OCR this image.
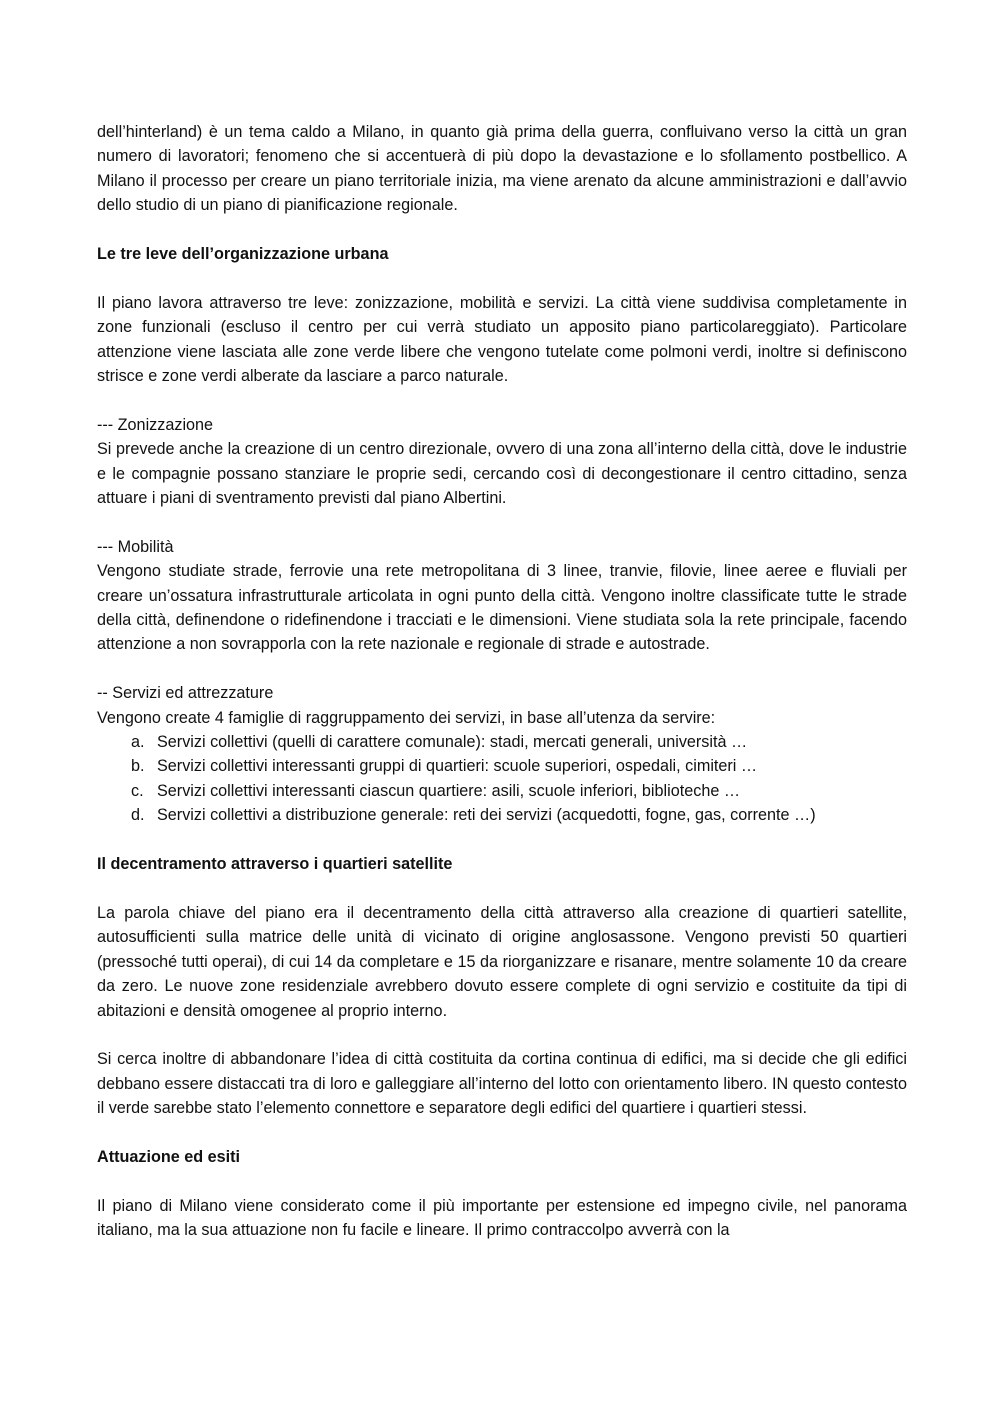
dell’hinterland) è un tema caldo a Milano, in quanto già prima della guerra, confluivano verso la città un gran numero di lavoratori; fenomeno che si accentuerà di più dopo la devastazione e lo sfollamento postbellico. A Milano il processo per creare un piano territoriale inizia, ma viene arenato da alcune amministrazioni e dall’avvio dello studio di un piano di pianificazione regionale.

Le tre leve dell’organizzazione urbana

Il piano lavora attraverso tre leve: zonizzazione, mobilità e servizi. La città viene suddivisa completamente in zone funzionali (escluso il centro per cui verrà studiato un apposito piano particolareggiato). Particolare attenzione viene lasciata alle zone verde libere che vengono tutelate come polmoni verdi, inoltre si definiscono strisce e zone verdi alberate da lasciare a parco naturale.

--- Zonizzazione

Si prevede anche la creazione di un centro direzionale, ovvero di una zona all’interno della città, dove le industrie e le compagnie possano stanziare le proprie sedi, cercando così di decongestionare il centro cittadino, senza attuare i piani di sventramento previsti dal piano Albertini.

--- Mobilità

Vengono studiate strade, ferrovie una rete metropolitana di 3 linee, tranvie, filovie, linee aeree e fluviali per creare un’ossatura infrastrutturale articolata in ogni punto della città. Vengono inoltre classificate tutte le strade della città, definendone o ridefinendone i tracciati e le dimensioni. Viene studiata sola la rete principale, facendo attenzione a non sovrapporla con la rete nazionale e regionale di strade e autostrade.

-- Servizi ed attrezzature

Vengono create 4 famiglie di raggruppamento dei servizi, in base all’utenza da servire:

a. Servizi collettivi (quelli di carattere comunale): stadi, mercati generali, università …
b. Servizi collettivi interessanti gruppi di quartieri: scuole superiori, ospedali, cimiteri …
c. Servizi collettivi interessanti ciascun quartiere: asili, scuole inferiori, biblioteche …
d. Servizi collettivi a distribuzione generale: reti dei servizi (acquedotti, fogne, gas, corrente …)

Il decentramento attraverso i quartieri satellite

La parola chiave del piano era il decentramento della città attraverso alla creazione di quartieri satellite, autosufficienti sulla matrice delle unità di vicinato di origine anglosassone. Vengono previsti 50 quartieri (pressoché tutti operai), di cui 14 da completare e 15 da riorganizzare e risanare, mentre solamente 10 da creare da zero. Le nuove zone residenziale avrebbero dovuto essere complete di ogni servizio e costituite da tipi di abitazioni e densità omogenee al proprio interno.

Si cerca inoltre di abbandonare l’idea di città costituita da cortina continua di edifici, ma si decide che gli edifici debbano essere distaccati tra di loro e galleggiare all’interno del lotto con orientamento libero. IN questo contesto il verde sarebbe stato l’elemento connettore e separatore degli edifici del quartiere i quartieri stessi.

Attuazione ed esiti

Il piano di Milano viene considerato come il più importante per estensione ed impegno civile, nel panorama italiano, ma la sua attuazione non fu facile e lineare. Il primo contraccolpo avverrà con la
